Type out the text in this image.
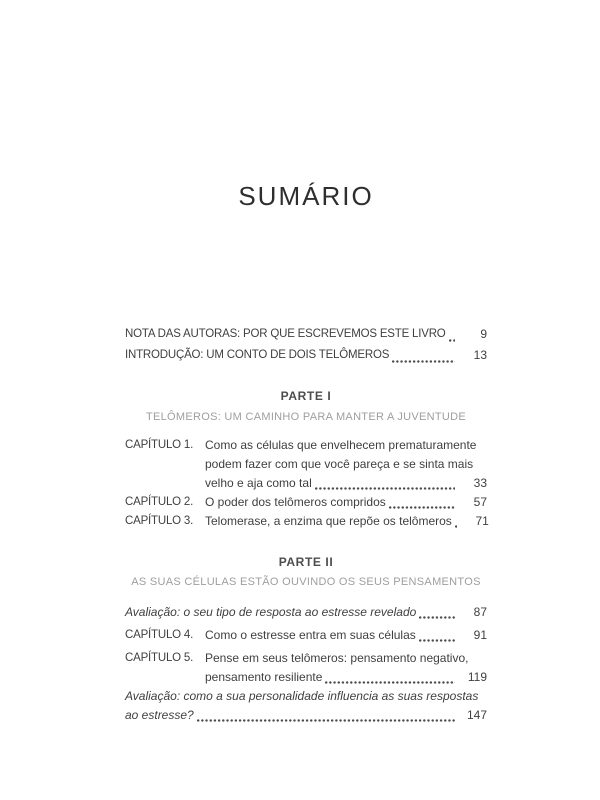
SUMÁRIO
NOTA DAS AUTORAS: POR QUE ESCREVEMOS ESTE LIVRO	9
INTRODUÇÃO: UM CONTO DE DOIS TELÔMEROS	13
PARTE I
TELÔMEROS: UM CAMINHO PARA MANTER A JUVENTUDE
CAPÍTULO 1. Como as células que envelhecem prematuramente
podem fazer com que você pareça e se sinta mais
velho e aja como tal	33
CAPÍTULO 2. O poder dos telômeros compridos	57
CAPÍTULO 3. Telomerase, a enzima que repõe os telômeros	71
PARTE II
AS SUAS CÉLULAS ESTÃO OUVINDO OS SEUS PENSAMENTOS
Avaliação: o seu tipo de resposta ao estresse revelado	87
CAPÍTULO 4. Como o estresse entra em suas células	91
CAPÍTULO 5. Pense em seus telômeros: pensamento negativo,
pensamento resiliente	119
Avaliação: como a sua personalidade influencia as suas respostas
ao estresse?	147
